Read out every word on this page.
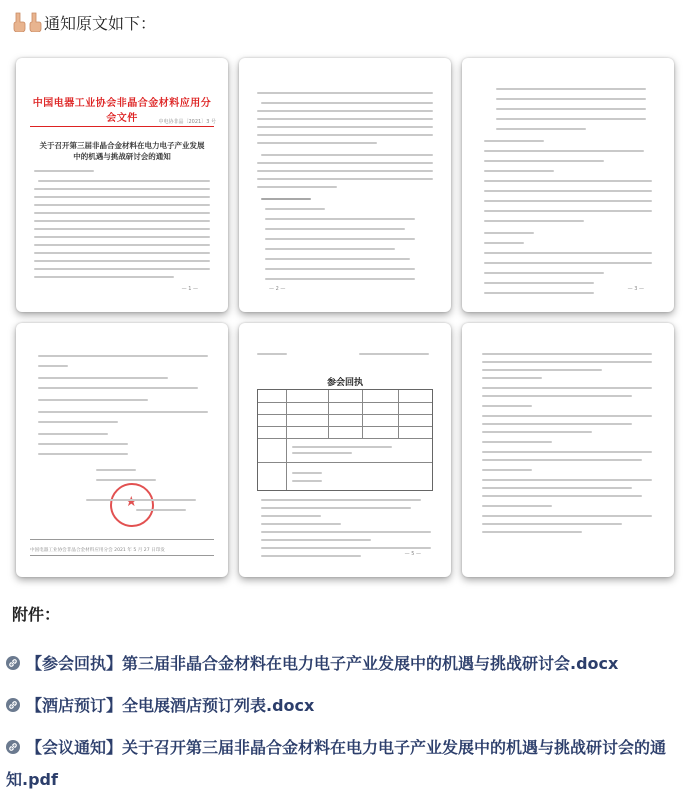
通知原文如下：
中国电器工业协会非晶合金材料应用分会文件	中电协非晶〔2021〕3 号
关于召开第三届非晶合金材料在电力电子产业发展中的机遇与挑战研讨会的通知
— 1 —	— 2 —	— 3 —
★
中国电器工业协会非晶合金材料应用分会 2021 年 5 月 27 日印发
参会回执
— 5 —
附件：
【参会回执】第三届非晶合金材料在电力电子产业发展中的机遇与挑战研讨会.docx
【酒店预订】全电展酒店预订列表.docx
【会议通知】关于召开第三届非晶合金材料在电力电子产业发展中的机遇与挑战研讨会的通知.pdf
